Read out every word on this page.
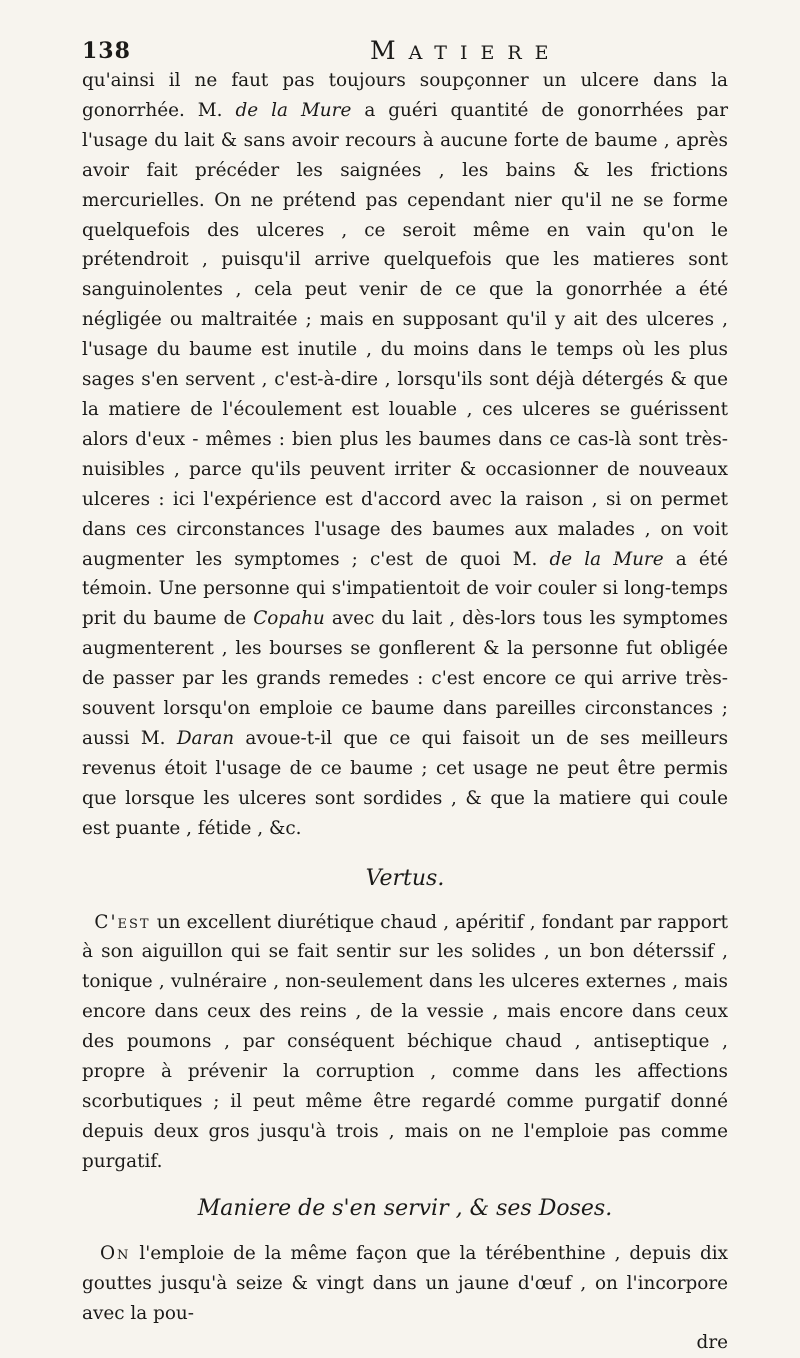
138	MATIERE

qu'ainsi il ne faut pas toujours soupçonner un ulcere dans la gonorrhée. M. de la Mure a guéri quantité de gonorrhées par l'usage du lait & sans avoir recours à aucune forte de baume , après avoir fait précéder les saignées , les bains & les frictions mercurielles. On ne prétend pas cependant nier qu'il ne se forme quelquefois des ulceres , ce seroit même en vain qu'on le prétendroit , puisqu'il arrive quelquefois que les matieres sont sanguinolentes , cela peut venir de ce que la gonorrhée a été négligée ou maltraitée ; mais en supposant qu'il y ait des ulceres , l'usage du baume est inutile , du moins dans le temps où les plus sages s'en servent , c'est-à-dire , lorsqu'ils sont déjà détergés & que la matiere de l'écoulement est louable , ces ulceres se guérissent alors d'eux - mêmes : bien plus les baumes dans ce cas-là sont très-nuisibles , parce qu'ils peuvent irriter & occasionner de nouveaux ulceres : ici l'expérience est d'accord avec la raison , si on permet dans ces circonstances l'usage des baumes aux malades , on voit augmenter les symptomes ; c'est de quoi M. de la Mure a été témoin. Une personne qui s'impatientoit de voir couler si long-temps prit du baume de Copahu avec du lait , dès-lors tous les symptomes augmenterent , les bourses se gonflerent & la personne fut obligée de passer par les grands remedes : c'est encore ce qui arrive très-souvent lorsqu'on emploie ce baume dans pareilles circonstances ; aussi M. Daran avoue-t-il que ce qui faisoit un de ses meilleurs revenus étoit l'usage de ce baume ; cet usage ne peut être permis que lorsque les ulceres sont sordides , & que la matiere qui coule est puante , fétide , &c.

Vertus.

C'est un excellent diurétique chaud , apéritif , fondant par rapport à son aiguillon qui se fait sentir sur les solides , un bon déterssif , tonique , vulnéraire , non-seulement dans les ulceres externes , mais encore dans ceux des reins , de la vessie , mais encore dans ceux des poumons , par conséquent béchique chaud , antiseptique , propre à prévenir la corruption , comme dans les affections scorbutiques ; il peut même être regardé comme purgatif donné depuis deux gros jusqu'à trois , mais on ne l'emploie pas comme purgatif.

Maniere de s'en servir , & ses Doses.

On l'emploie de la même façon que la térébenthine , depuis dix gouttes jusqu'à seize & vingt dans un jaune d'œuf , on l'incorpore avec la pou-

dre
